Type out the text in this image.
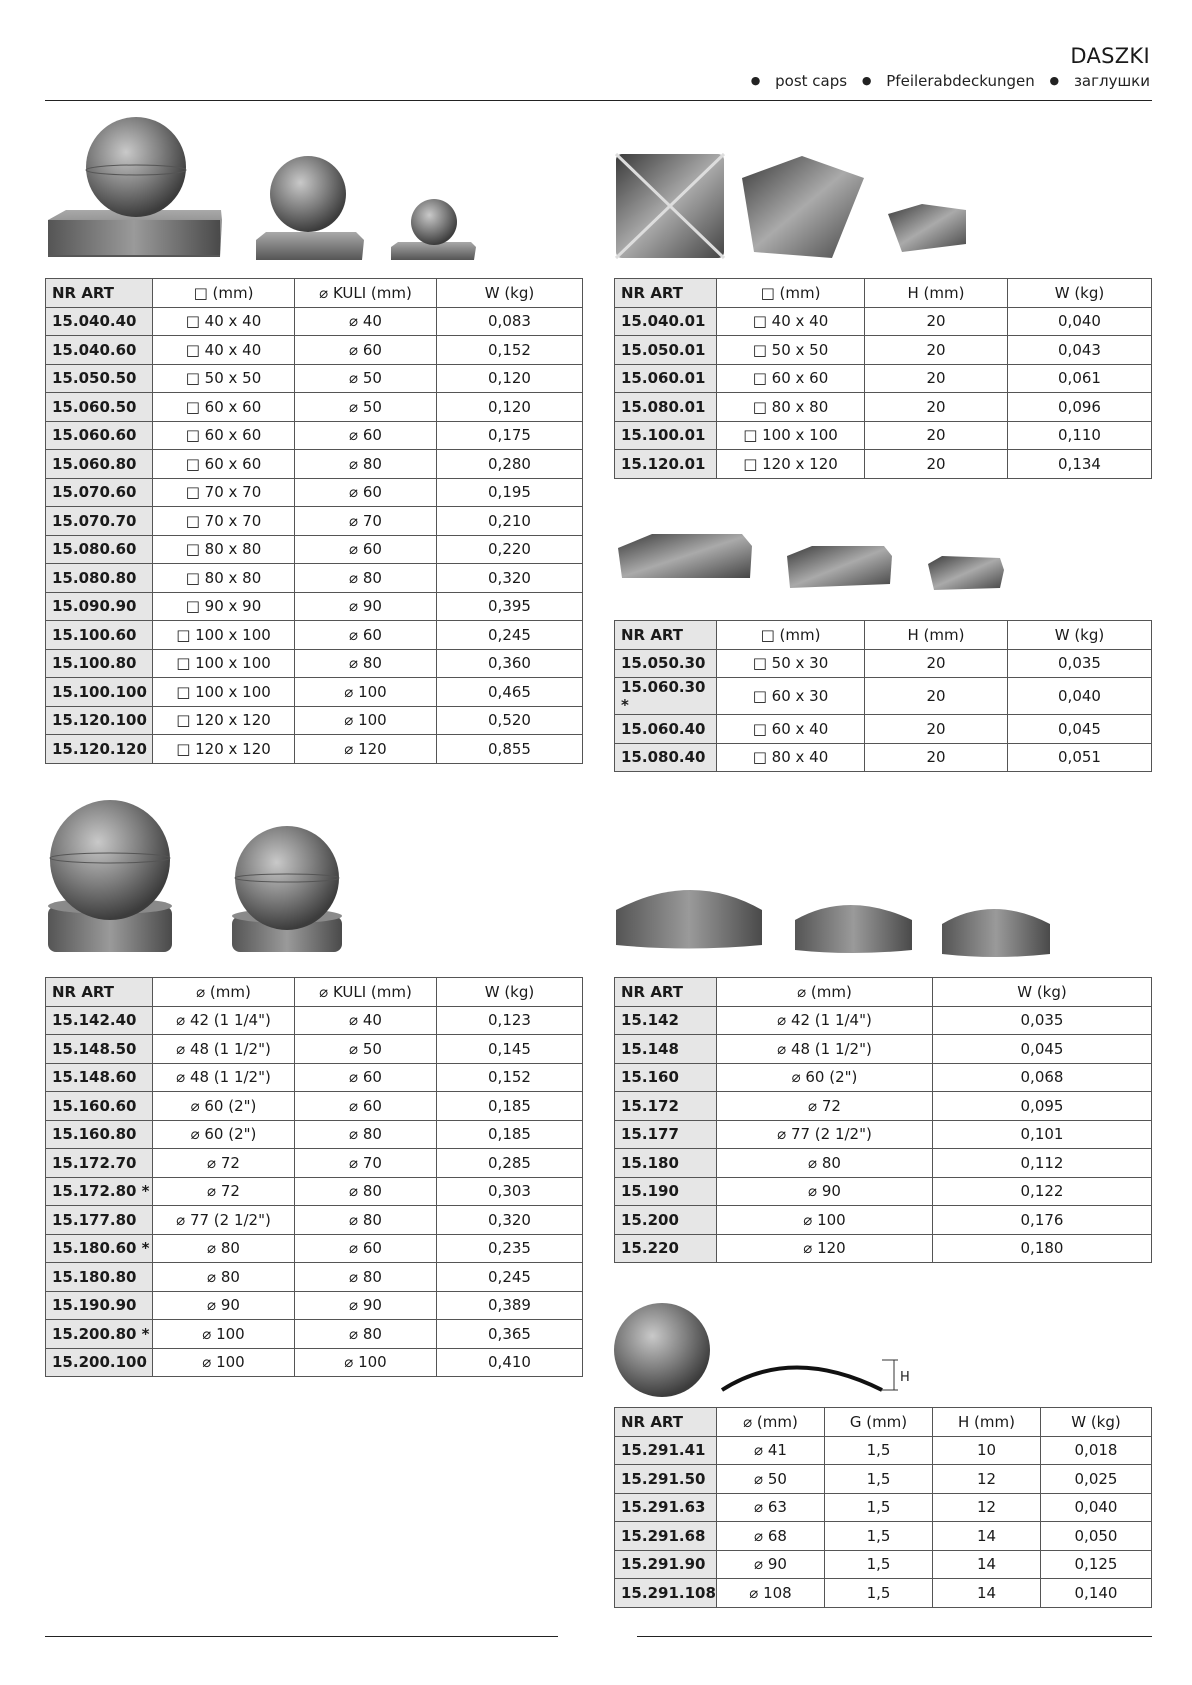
DASZKI
● post caps ● Pfeilerabdeckungen ● заглушки
H
NR ART	□ (mm)	⌀ KULI (mm)	W (kg)
15.040.40	□ 40 x 40	⌀ 40	0,083
15.040.60	□ 40 x 40	⌀ 60	0,152
15.050.50	□ 50 x 50	⌀ 50	0,120
15.060.50	□ 60 x 60	⌀ 50	0,120
15.060.60	□ 60 x 60	⌀ 60	0,175
15.060.80	□ 60 x 60	⌀ 80	0,280
15.070.60	□ 70 x 70	⌀ 60	0,195
15.070.70	□ 70 x 70	⌀ 70	0,210
15.080.60	□ 80 x 80	⌀ 60	0,220
15.080.80	□ 80 x 80	⌀ 80	0,320
15.090.90	□ 90 x 90	⌀ 90	0,395
15.100.60	□ 100 x 100	⌀ 60	0,245
15.100.80	□ 100 x 100	⌀ 80	0,360
15.100.100	□ 100 x 100	⌀ 100	0,465
15.120.100	□ 120 x 120	⌀ 100	0,520
15.120.120	□ 120 x 120	⌀ 120	0,855
NR ART	□ (mm)	H (mm)	W (kg)
15.040.01	□ 40 x 40	20	0,040
15.050.01	□ 50 x 50	20	0,043
15.060.01	□ 60 x 60	20	0,061
15.080.01	□ 80 x 80	20	0,096
15.100.01	□ 100 x 100	20	0,110
15.120.01	□ 120 x 120	20	0,134
NR ART	□ (mm)	H (mm)	W (kg)
15.050.30	□ 50 x 30	20	0,035
15.060.30 *	□ 60 x 30	20	0,040
15.060.40	□ 60 x 40	20	0,045
15.080.40	□ 80 x 40	20	0,051
NR ART	⌀ (mm)	⌀ KULI (mm)	W (kg)
15.142.40	⌀ 42 (1 1/4")	⌀ 40	0,123
15.148.50	⌀ 48 (1 1/2")	⌀ 50	0,145
15.148.60	⌀ 48 (1 1/2")	⌀ 60	0,152
15.160.60	⌀ 60 (2")	⌀ 60	0,185
15.160.80	⌀ 60 (2")	⌀ 80	0,185
15.172.70	⌀ 72	⌀ 70	0,285
15.172.80 *	⌀ 72	⌀ 80	0,303
15.177.80	⌀ 77 (2 1/2")	⌀ 80	0,320
15.180.60 *	⌀ 80	⌀ 60	0,235
15.180.80	⌀ 80	⌀ 80	0,245
15.190.90	⌀ 90	⌀ 90	0,389
15.200.80 *	⌀ 100	⌀ 80	0,365
15.200.100	⌀ 100	⌀ 100	0,410
NR ART	⌀ (mm)	W (kg)
15.142	⌀ 42 (1 1/4")	0,035
15.148	⌀ 48 (1 1/2")	0,045
15.160	⌀ 60 (2")	0,068
15.172	⌀ 72	0,095
15.177	⌀ 77 (2 1/2")	0,101
15.180	⌀ 80	0,112
15.190	⌀ 90	0,122
15.200	⌀ 100	0,176
15.220	⌀ 120	0,180
NR ART	⌀ (mm)	G (mm)	H (mm)	W (kg)
15.291.41	⌀ 41	1,5	10	0,018
15.291.50	⌀ 50	1,5	12	0,025
15.291.63	⌀ 63	1,5	12	0,040
15.291.68	⌀ 68	1,5	14	0,050
15.291.90	⌀ 90	1,5	14	0,125
15.291.108	⌀ 108	1,5	14	0,140
